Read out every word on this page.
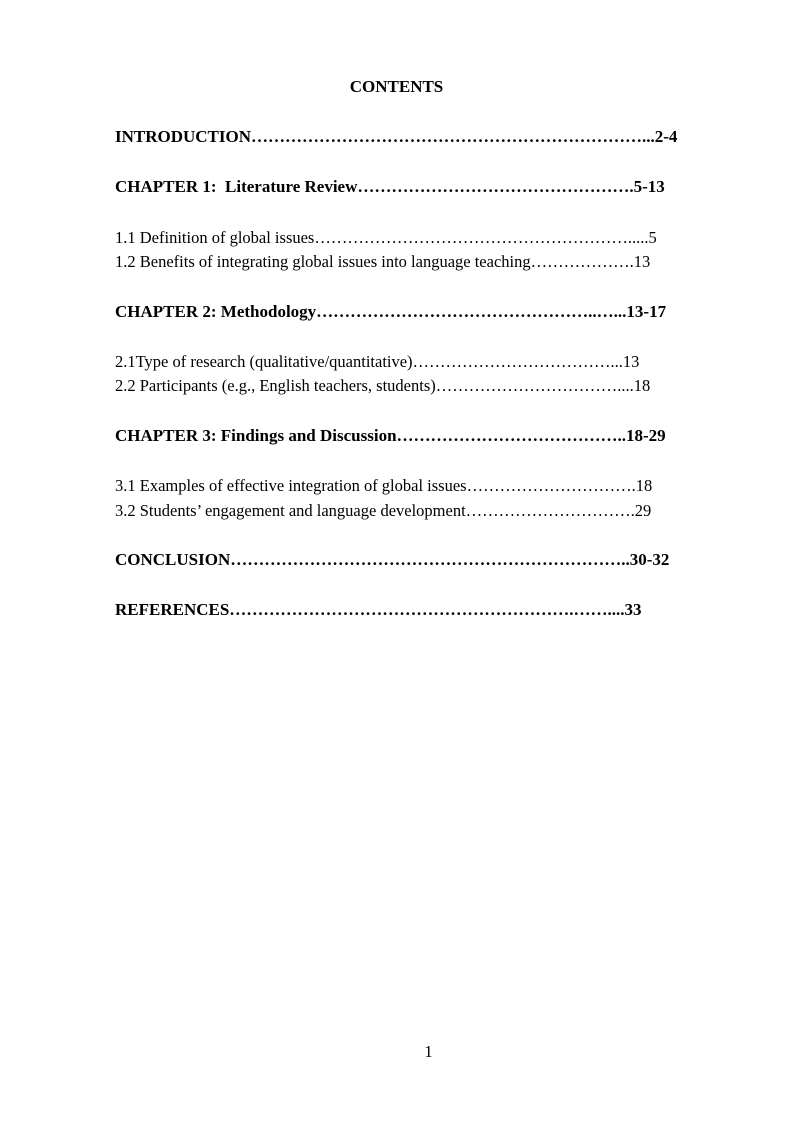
CONTENTS
INTRODUCTION……………………………………………………………...2-4
CHAPTER 1:  Literature Review………………………………………….5-13
1.1 Definition of global issues………………………………………………….....5
1.2 Benefits of integrating global issues into language teaching……………….13
CHAPTER 2: Methodology…………………………………………..…...13-17
2.1Type of research (qualitative/quantitative)………………………………...13
2.2 Participants (e.g., English teachers, students)……………………………....18
CHAPTER 3: Findings and Discussion…………………………………..18-29
3.1 Examples of effective integration of global issues………………………….18
3.2 Students’ engagement and language development………………………….29
CONCLUSION……………………………………………………………..30-32
REFERENCES…………………………………………………….……....33
1
